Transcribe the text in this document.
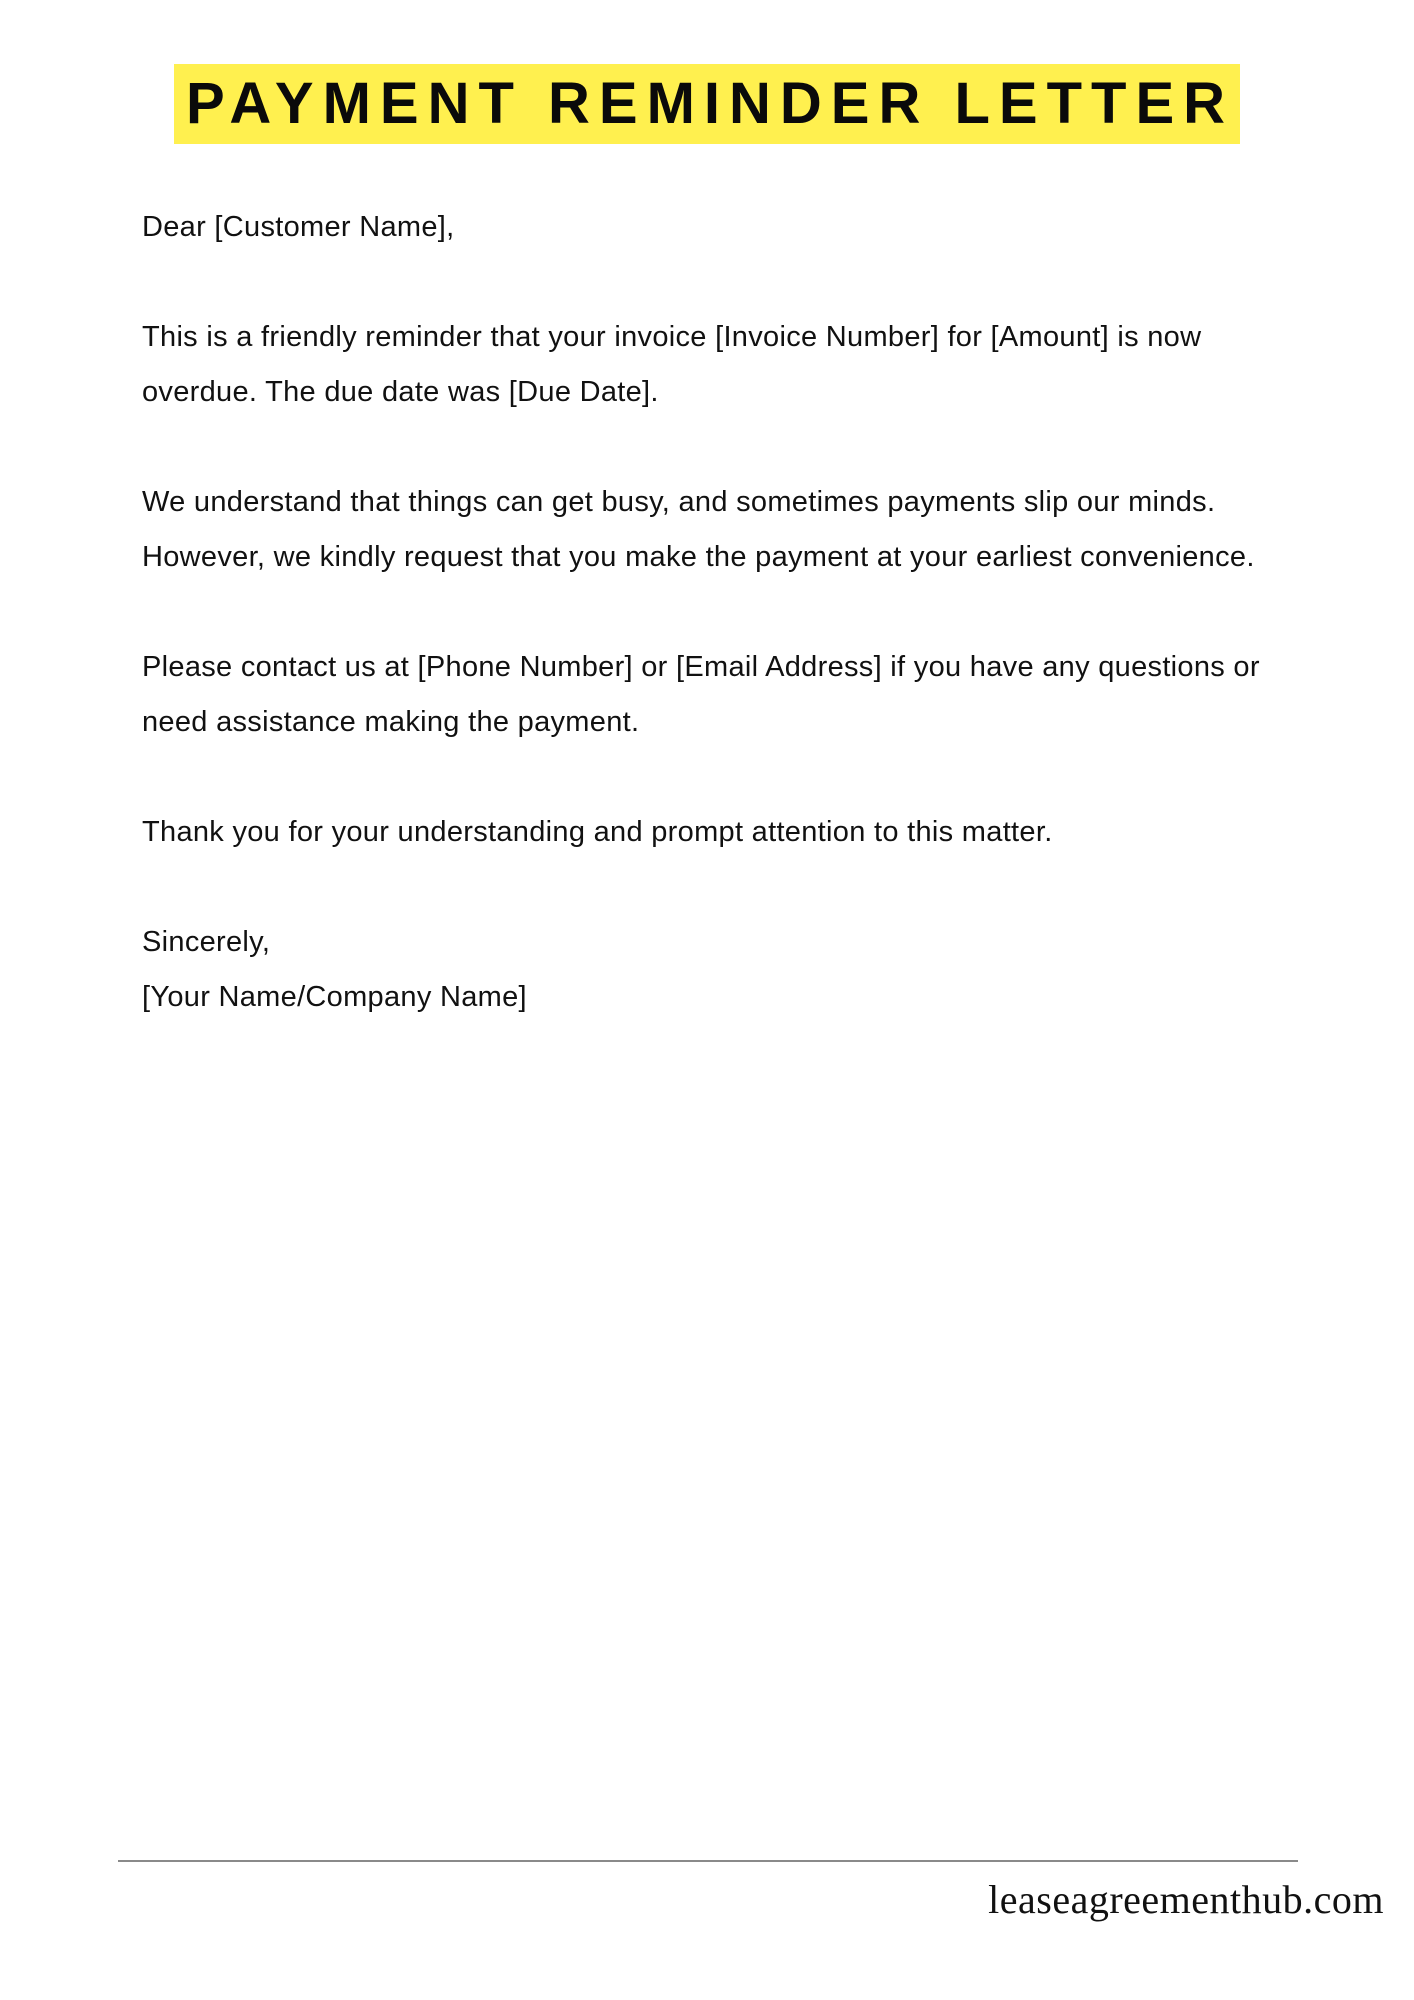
PAYMENT REMINDER LETTER

Dear [Customer Name],

This is a friendly reminder that your invoice [Invoice Number] for [Amount] is now overdue. The due date was [Due Date].

We understand that things can get busy, and sometimes payments slip our minds. However, we kindly request that you make the payment at your earliest convenience.

Please contact us at [Phone Number] or [Email Address] if you have any questions or need assistance making the payment.

Thank you for your understanding and prompt attention to this matter.

Sincerely,

[Your Name/Company Name]

leaseagreementhub.com
